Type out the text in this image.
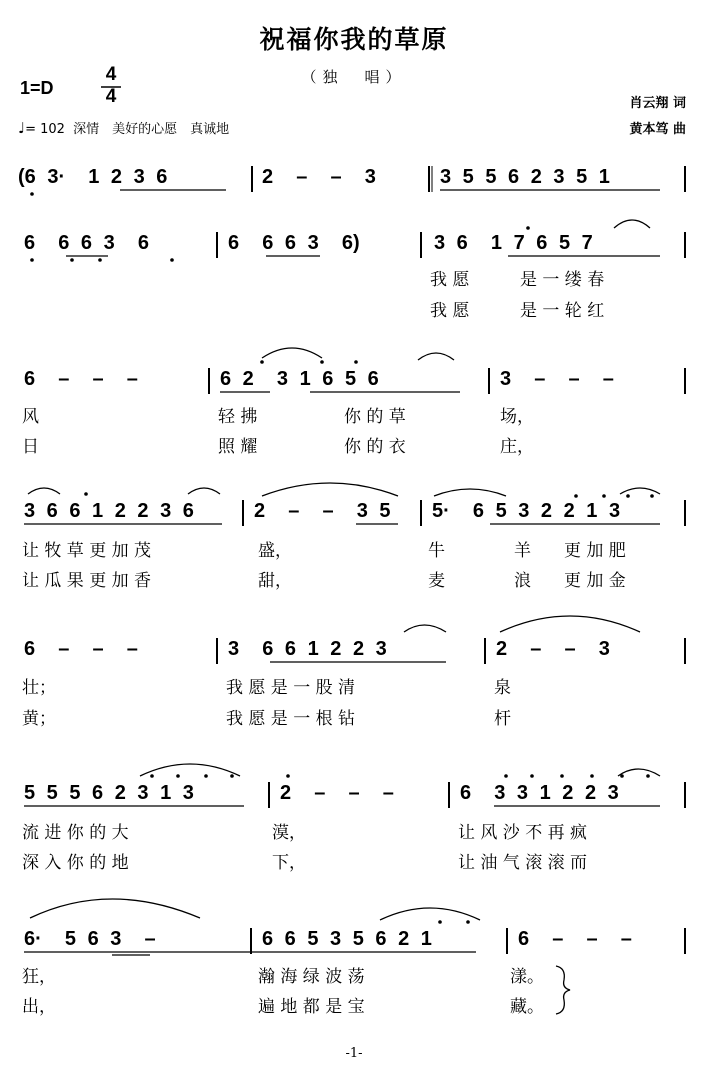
祝福你我的草原
（独　唱）
1=D
4
4
♩= 102 深情　美好的心愿　真诚地
肖云翔 词
黄本笃 曲
(6 3·  1 2 3 6	2  –  –  3	3 5 5 6 2 3 5 1
6  6 6 3  6	6  6 6 3  6)	3 6  1 7 6 5 7
我 愿	是 一 缕 春
我 愿	是 一 轮 红
6  –  –  –	6 2  3 1 6 5 6	3  –  –  –
风	轻 拂	你 的 草	场，
日	照 耀	你 的 衣	庄，
3 6 6 1 2 2 3 6	2  –  –  3 5 5·  6 5 3 2 2 1 3
让 牧 草 更 加 茂	盛，	牛	羊 更 加 肥
让 瓜 果 更 加 香	甜，	麦	浪 更 加 金
6  –  –  –	3  6 6 1 2 2 3	2  –  –  3
壮；	我 愿 是 一 股 清	泉
黄；	我 愿 是 一 根 钻	杆
5 5 5 6 2 3 1 3	2  –  –  –	6  3 3 1 2 2 3
流 进 你 的 大	漠，	让 风 沙 不 再 疯
深 入 你 的 地	下，	让 油 气 滚 滚 而
6·  5 6 3  –	6 6 5 3 5 6 2 1	6  –  –  –
狂，	瀚 海 绿 波 荡	漾。
出，	遍 地 都 是 宝	藏。
-1-
